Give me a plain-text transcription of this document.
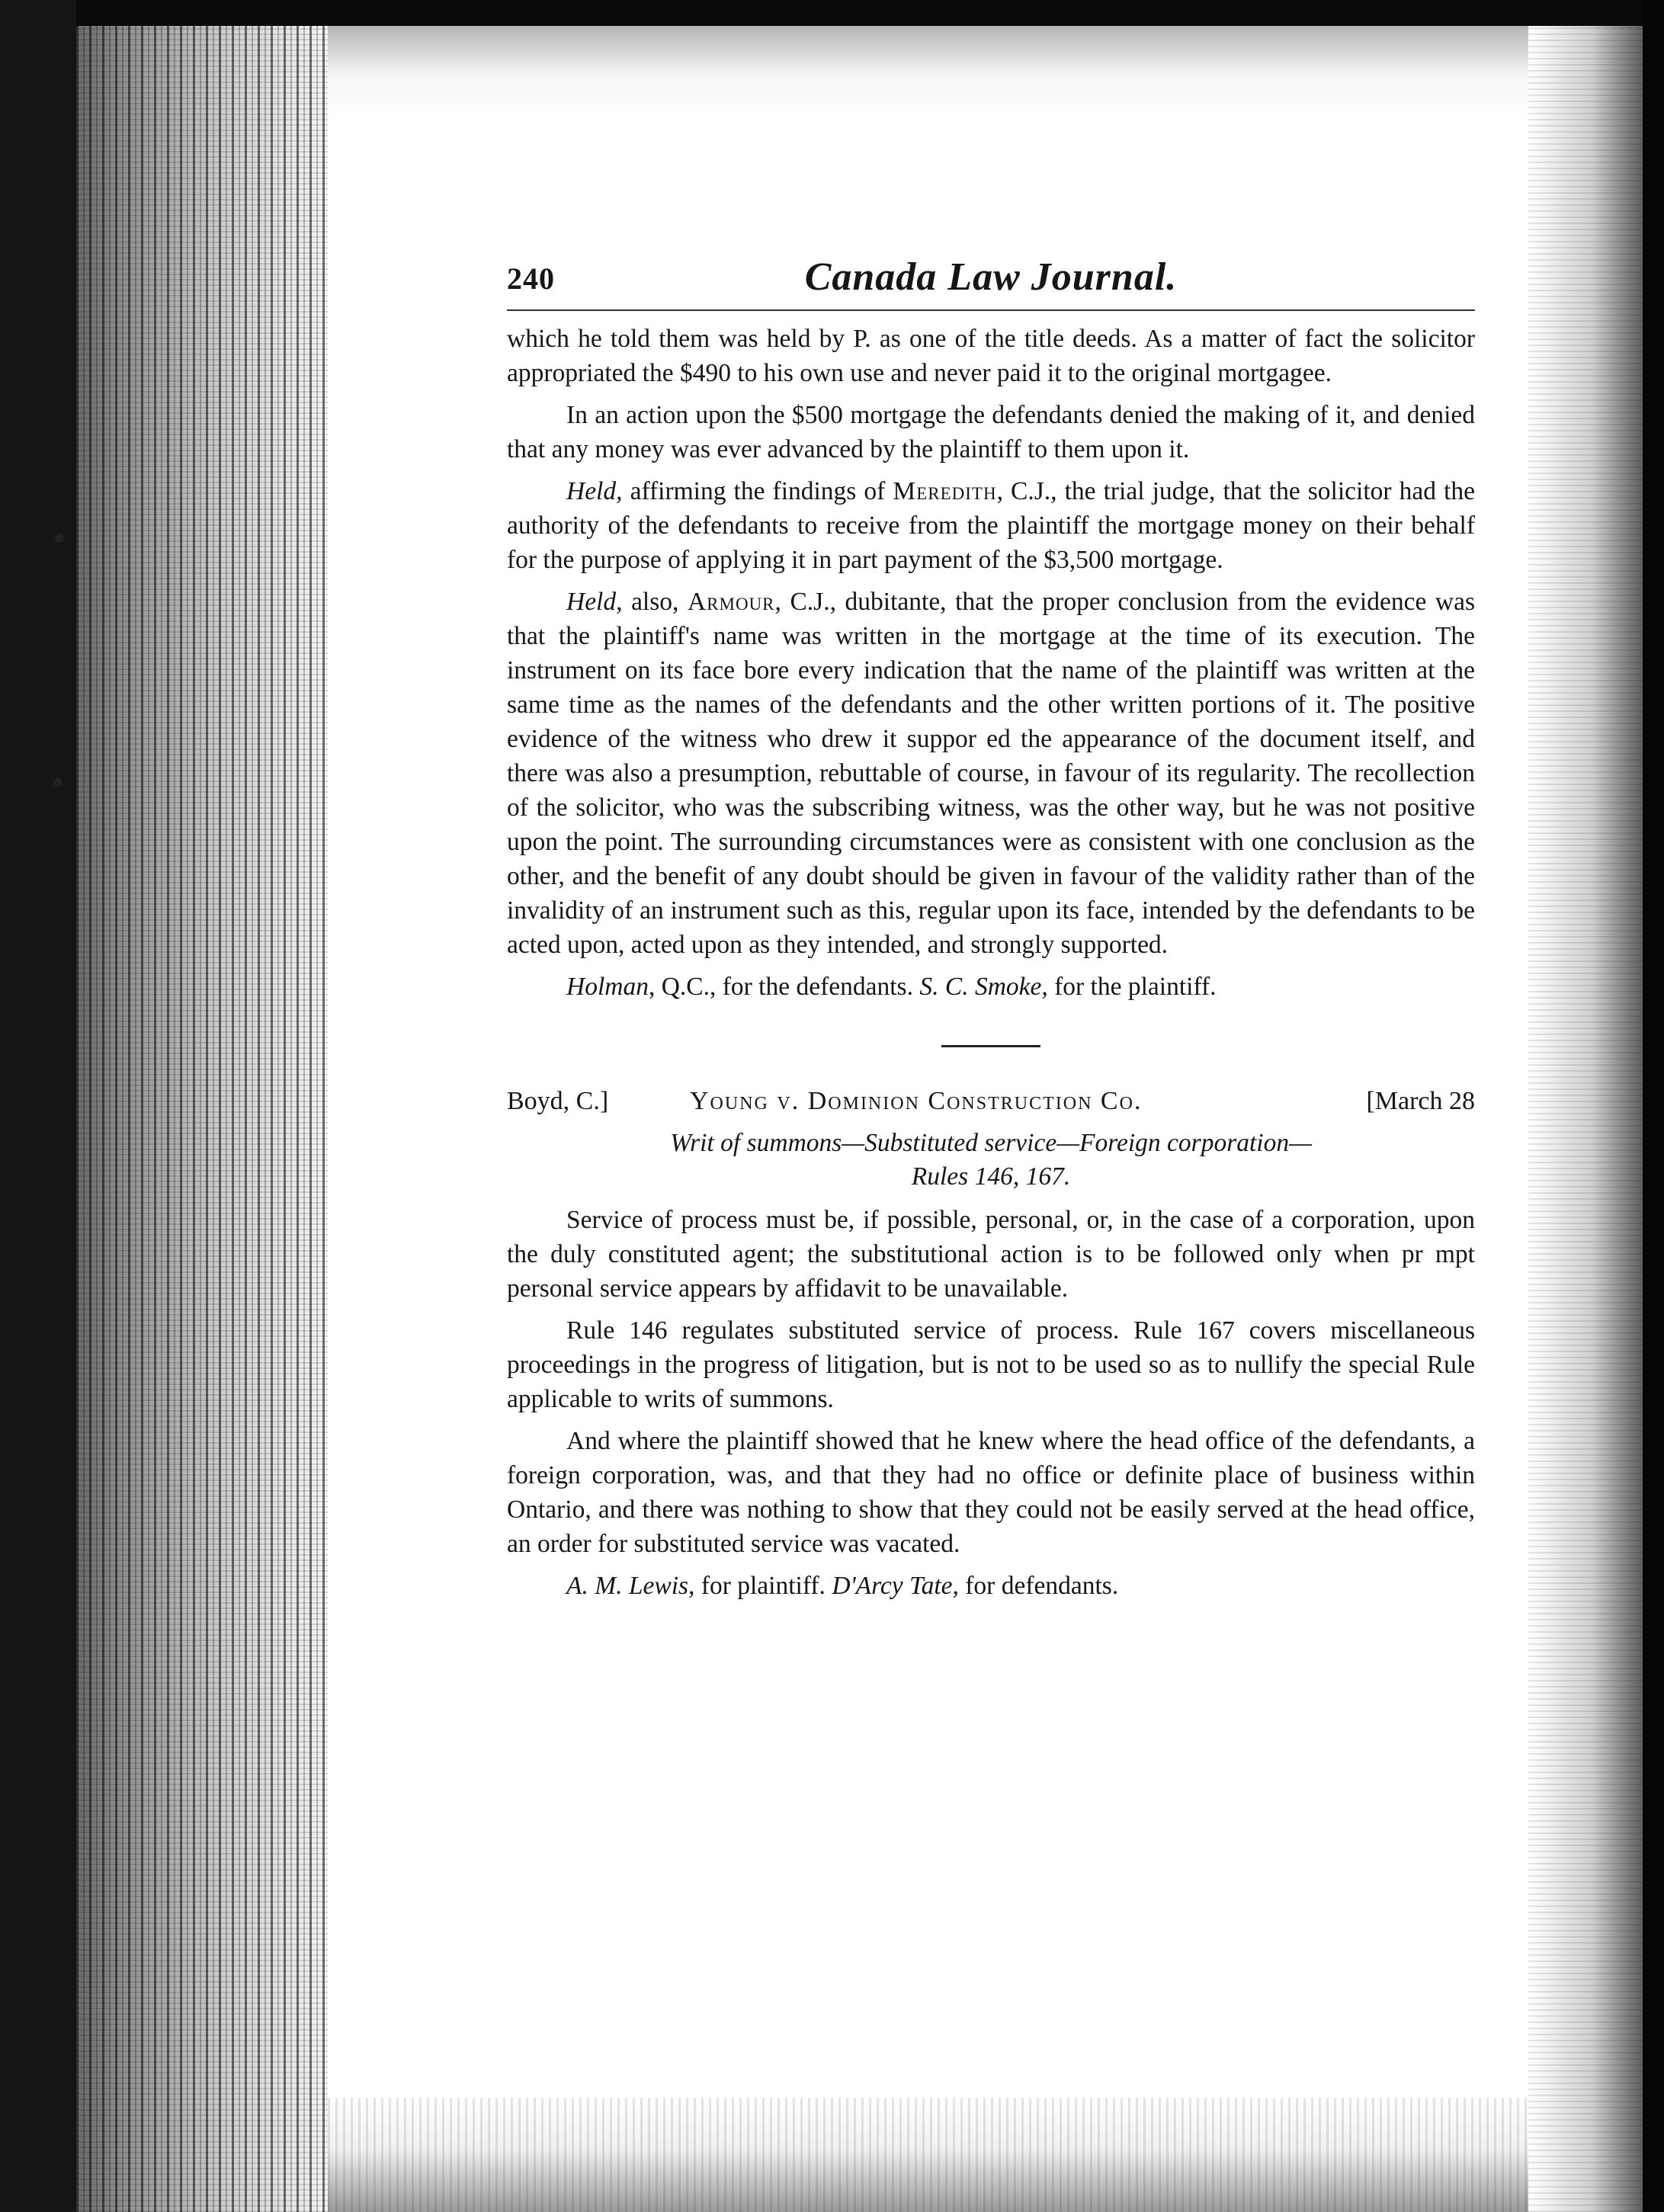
240	Canada Law Journal.

which he told them was held by P. as one of the title deeds. As a matter of fact the solicitor appropriated the $490 to his own use and never paid it to the original mortgagee.

In an action upon the $500 mortgage the defendants denied the making of it, and denied that any money was ever advanced by the plaintiff to them upon it.

Held, affirming the findings of Meredith, C.J., the trial judge, that the solicitor had the authority of the defendants to receive from the plaintiff the mortgage money on their behalf for the purpose of applying it in part payment of the $3,500 mortgage.

Held, also, Armour, C.J., dubitante, that the proper conclusion from the evidence was that the plaintiff's name was written in the mortgage at the time of its execution. The instrument on its face bore every indication that the name of the plaintiff was written at the same time as the names of the defendants and the other written portions of it. The positive evidence of the witness who drew it suppor ed the appearance of the document itself, and there was also a presumption, rebuttable of course, in favour of its regularity. The recollection of the solicitor, who was the subscribing witness, was the other way, but he was not positive upon the point. The surrounding circumstances were as consistent with one conclusion as the other, and the benefit of any doubt should be given in favour of the validity rather than of the invalidity of an instrument such as this, regular upon its face, intended by the defendants to be acted upon, acted upon as they intended, and strongly supported.

Holman, Q.C., for the defendants. S. C. Smoke, for the plaintiff.

Boyd, C.]	Young v. Dominion Construction Co.	[March 28
Writ of summons—Substituted service—Foreign corporation—
Rules 146, 167.

Service of process must be, if possible, personal, or, in the case of a corporation, upon the duly constituted agent; the substitutional action is to be followed only when pr mpt personal service appears by affidavit to be unavailable.

Rule 146 regulates substituted service of process. Rule 167 covers miscellaneous proceedings in the progress of litigation, but is not to be used so as to nullify the special Rule applicable to writs of summons.

And where the plaintiff showed that he knew where the head office of the defendants, a foreign corporation, was, and that they had no office or definite place of business within Ontario, and there was nothing to show that they could not be easily served at the head office, an order for substituted service was vacated.

A. M. Lewis, for plaintiff. D'Arcy Tate, for defendants.
